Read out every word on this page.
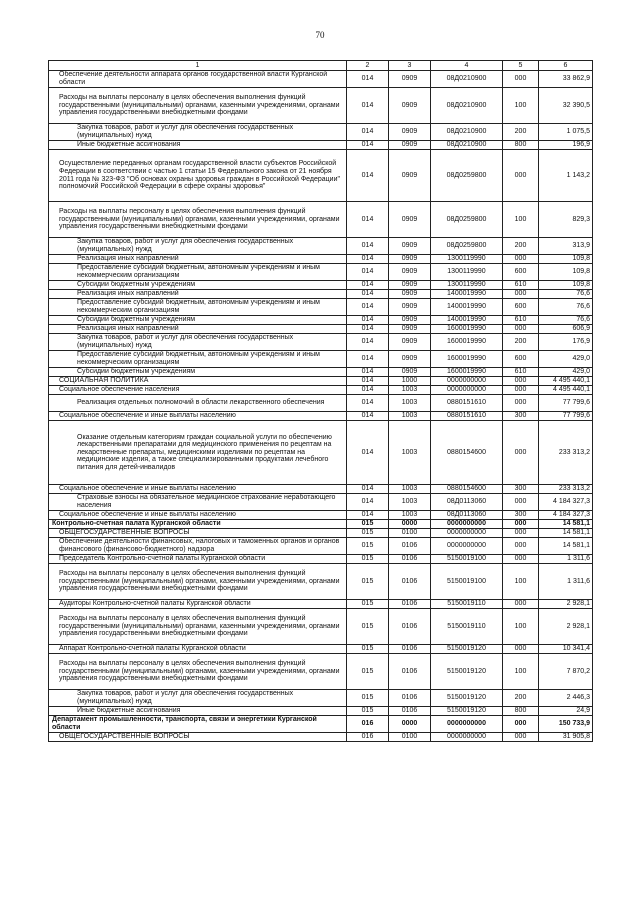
70
1	2	3	4	5	6
Обеспечение деятельности аппарата органов государственной власти Курганской области	014	0909	08Д0210900	000	33 862,9
Расходы на выплаты персоналу в целях обеспечения выполнения функций государственными (муниципальными) органами, казенными учреждениями, органами управления государственными внебюджетными фондами	014	0909	08Д0210900	100	32 390,5
Закупка товаров, работ и услуг для обеспечения государственных (муниципальных) нужд	014	0909	08Д0210900	200	1 075,5
Иные бюджетные ассигнования	014	0909	08Д0210900	800	196,9
Осуществление переданных органам государственной власти субъектов Российской Федерации в соответствии с частью 1 статьи 15 Федерального закона от 21 ноября 2011 года № 323-ФЗ "Об основах охраны здоровья граждан в Российской Федерации" полномочий Российской Федерации в сфере охраны здоровья"	014	0909	08Д0259800	000	1 143,2
Расходы на выплаты персоналу в целях обеспечения выполнения функций государственными (муниципальными) органами, казенными учреждениями, органами управления государственными внебюджетными фондами	014	0909	08Д0259800	100	829,3
Закупка товаров, работ и услуг для обеспечения государственных (муниципальных) нужд	014	0909	08Д0259800	200	313,9
Реализация иных направлений	014	0909	1300119990	000	109,8
Предоставление субсидий бюджетным, автономным учреждениям и иным некоммерческим организациям	014	0909	1300119990	600	109,8
Субсидии бюджетным учреждениям	014	0909	1300119990	610	109,8
Реализация иных направлений	014	0909	1400019990	000	76,6
Предоставление субсидий бюджетным, автономным учреждениям и иным некоммерческим организациям	014	0909	1400019990	600	76,6
Субсидии бюджетным учреждениям	014	0909	1400019990	610	76,6
Реализация иных направлений	014	0909	1600019990	000	606,9
Закупка товаров, работ и услуг для обеспечения государственных (муниципальных) нужд	014	0909	1600019990	200	176,9
Предоставление субсидий бюджетным, автономным учреждениям и иным некоммерческим организациям	014	0909	1600019990	600	429,0
Субсидии бюджетным учреждениям	014	0909	1600019990	610	429,0
СОЦИАЛЬНАЯ ПОЛИТИКА	014	1000	0000000000	000	4 495 440,1
Социальное обеспечение населения	014	1003	0000000000	000	4 495 440,1
Реализация отдельных полномочий в области лекарственного обеспечения	014	1003	0880151610	000	77 799,6
Социальное обеспечение и иные выплаты населению	014	1003	0880151610	300	77 799,6
Оказание отдельным категориям граждан социальной услуги по обеспечению лекарственными препаратами для медицинского применения по рецептам на лекарственные препараты, медицинскими изделиями по рецептам на медицинские изделия, а также специализированными продуктами лечебного питания для детей-инвалидов	014	1003	0880154600	000	233 313,2
Социальное обеспечение и иные выплаты населению	014	1003	0880154600	300	233 313,2
Страховые взносы на обязательное медицинское страхование неработающего населения	014	1003	08Д0113060	000	4 184 327,3
Социальное обеспечение и иные выплаты населению	014	1003	08Д0113060	300	4 184 327,3
Контрольно-счетная палата Курганской области	015	0000	0000000000	000	14 581,1
ОБЩЕГОСУДАРСТВЕННЫЕ ВОПРОСЫ	015	0100	0000000000	000	14 581,1
Обеспечение деятельности финансовых, налоговых и таможенных органов и органов финансового (финансово-бюджетного) надзора	015	0106	0000000000	000	14 581,1
Председатель Контрольно-счетной палаты Курганской области	015	0106	5150019100	000	1 311,6
Расходы на выплаты персоналу в целях обеспечения выполнения функций государственными (муниципальными) органами, казенными учреждениями, органами управления государственными внебюджетными фондами	015	0106	5150019100	100	1 311,6
Аудиторы Контрольно-счетной палаты Курганской области	015	0106	5150019110	000	2 928,1
Расходы на выплаты персоналу в целях обеспечения выполнения функций государственными (муниципальными) органами, казенными учреждениями, органами управления государственными внебюджетными фондами	015	0106	5150019110	100	2 928,1
Аппарат Контрольно-счетной палаты Курганской области	015	0106	5150019120	000	10 341,4
Расходы на выплаты персоналу в целях обеспечения выполнения функций государственными (муниципальными) органами, казенными учреждениями, органами управления государственными внебюджетными фондами	015	0106	5150019120	100	7 870,2
Закупка товаров, работ и услуг для обеспечения государственных (муниципальных) нужд	015	0106	5150019120	200	2 446,3
Иные бюджетные ассигнования	015	0106	5150019120	800	24,9
Департамент промышленности, транспорта, связи и энергетики Курганской области	016	0000	0000000000	000	150 733,9
ОБЩЕГОСУДАРСТВЕННЫЕ ВОПРОСЫ	016	0100	0000000000	000	31 905,8
